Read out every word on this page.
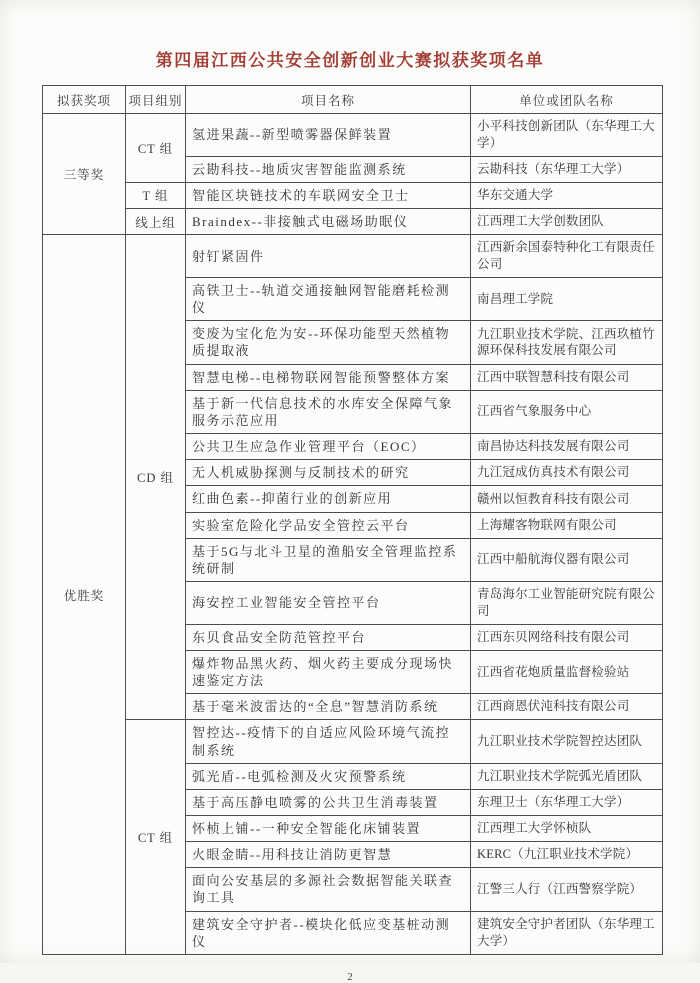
第四届江西公共安全创新创业大赛拟获奖项名单
拟获奖项	项目组别	项目名称	单位或团队名称
三等奖	CT 组	氢进果蔬--新型喷雾器保鲜装置	小平科技创新团队（东华理工大学）
		云勘科技--地质灾害智能监测系统	云勘科技（东华理工大学）
	T 组	智能区块链技术的车联网安全卫士	华东交通大学
	线上组	Braindex--非接触式电磁场助眠仪	江西理工大学创数团队
优胜奖	CD 组	射钉紧固件	江西新余国泰特种化工有限责任公司
		高铁卫士--轨道交通接触网智能磨耗检测仪	南昌理工学院
		变废为宝化危为安--环保功能型天然植物质提取液	九江职业技术学院、江西玖植竹源环保科技发展有限公司
		智慧电梯--电梯物联网智能预警整体方案	江西中联智慧科技有限公司
		基于新一代信息技术的水库安全保障气象服务示范应用	江西省气象服务中心
		公共卫生应急作业管理平台（EOC）	南昌协达科技发展有限公司
		无人机威胁探测与反制技术的研究	九江冠成仿真技术有限公司
		红曲色素--抑菌行业的创新应用	赣州以恒教育科技有限公司
		实验室危险化学品安全管控云平台	上海耀客物联网有限公司
		基于5G与北斗卫星的渔船安全管理监控系统研制	江西中船航海仪器有限公司
		海安控工业智能安全管控平台	青岛海尔工业智能研究院有限公司
		东贝食品安全防范管控平台	江西东贝网络科技有限公司
		爆炸物品黑火药、烟火药主要成分现场快速鉴定方法	江西省花炮质量监督检验站
		基于毫米波雷达的“全息”智慧消防系统	江西商恩伏沌科技有限公司
	CT 组	智控达--疫情下的自适应风险环境气流控制系统	九江职业技术学院智控达团队
		弧光盾--电弧检测及火灾预警系统	九江职业技术学院弧光盾团队
		基于高压静电喷雾的公共卫生消毒装置	东理卫士（东华理工大学）
		怀桢上铺--一种安全智能化床铺装置	江西理工大学怀桢队
		火眼金睛--用科技让消防更智慧	KERC（九江职业技术学院）
		面向公安基层的多源社会数据智能关联查询工具	江警三人行（江西警察学院）
		建筑安全守护者--模块化低应变基桩动测仪	建筑安全守护者团队（东华理工大学）
2
